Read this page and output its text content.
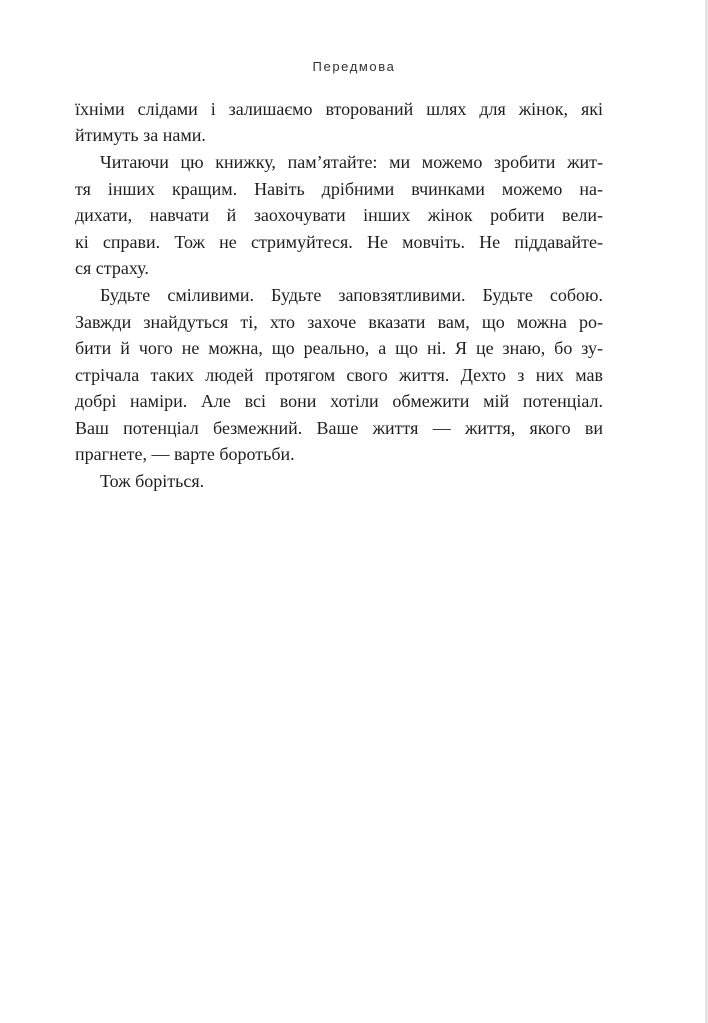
Передмова
їхніми слідами і залишаємо вторований шлях для жінок, які
йтимуть за нами.
Читаючи цю книжку, пам’ятайте: ми можемо зробити жит-
тя інших кращим. Навіть дрібними вчинками можемо на-
дихати, навчати й заохочувати інших жінок робити вели-
кі справи. Тож не стримуйтеся. Не мовчіть. Не піддавайте-
ся страху.
Будьте сміливими. Будьте заповзятливими. Будьте собою.
Завжди знайдуться ті, хто захоче вказати вам, що можна ро-
бити й чого не можна, що реально, а що ні. Я це знаю, бо зу-
стрічала таких людей протягом свого життя. Дехто з них мав
добрі наміри. Але всі вони хотіли обмежити мій потенціал.
Ваш потенціал безмежний. Ваше життя — життя, якого ви
прагнете, — варте боротьби.
Тож боріться.
